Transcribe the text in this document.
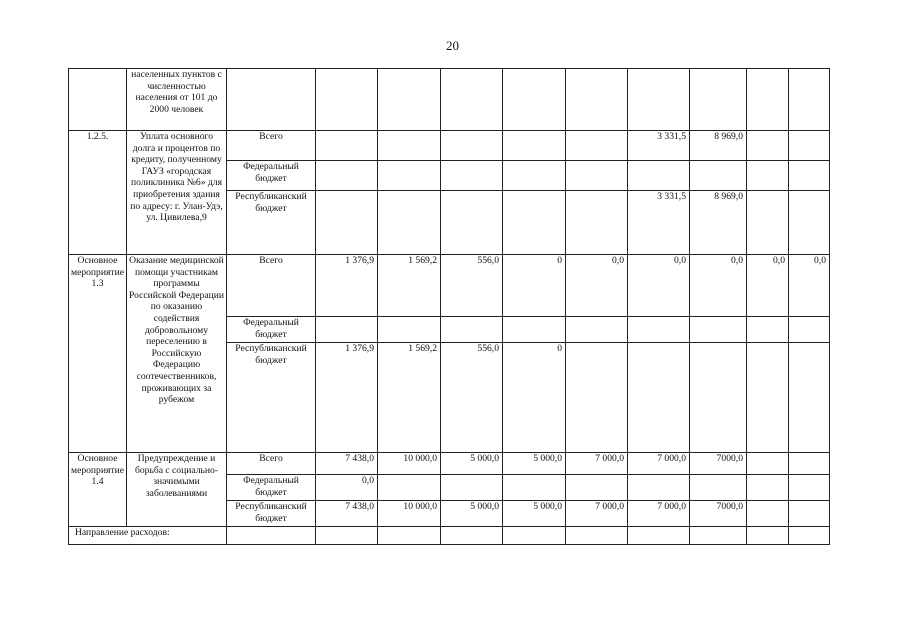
20
	населенных пунктов с численностью населения от 101 до 2000 человек										
1.2.5.	Уплата основного долга и процентов по кредиту, полученному ГАУЗ «городская поликлиника №6» для приобретения здания по адресу: г. Улан-Удэ, ул. Цивилева,9	Всего						3 331,5	8 969,0		
		Федеральный бюджет									
		Республиканский бюджет						3 331,5	8 969,0		
Основное мероприятие 1.3	Оказание медицинской помощи участникам программы Российской Федерации по оказанию содействия добровольному переселению в Российскую Федерацию соотечественников, проживающих за рубежом	Всего	1 376,9	1 569,2	556,0	0	0,0	0,0	0,0	0,0	0,0
		Федеральный бюджет									
		Республиканский бюджет	1 376,9	1 569,2	556,0	0					
Основное мероприятие 1.4	Предупреждение и борьба с социально-значимыми заболеваниями	Всего	7 438,0	10 000,0	5 000,0	5 000,0	7 000,0	7 000,0	7000,0		
		Федеральный бюджет	0,0								
		Республиканский бюджет	7 438,0	10 000,0	5 000,0	5 000,0	7 000,0	7 000,0	7000,0		
Направление расходов:											
